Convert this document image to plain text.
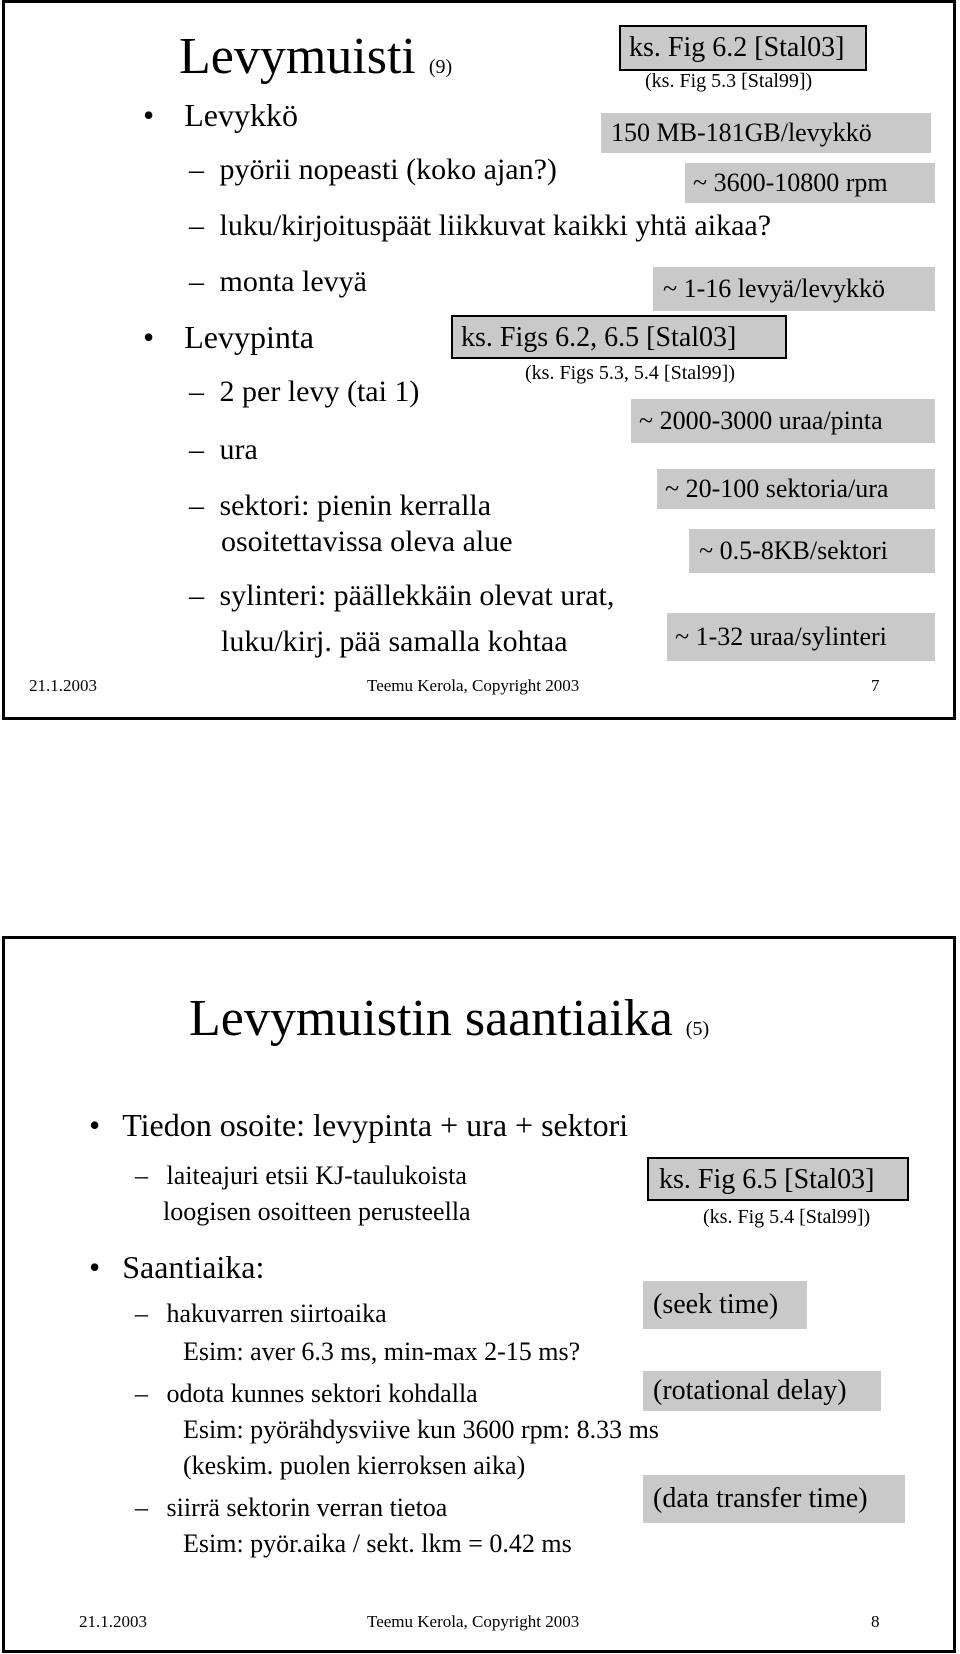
Levymuisti (9)
ks. Fig 6.2 [Stal03]
(ks. Fig 5.3 [Stal99])
• Levykkö	150 MB-181GB/levykkö
– pyörii nopeasti (koko ajan?)	~ 3600-10800 rpm
– luku/kirjoituspäät liikkuvat kaikki yhtä aikaa?
– monta levyä	~ 1-16 levyä/levykkö
• Levypinta	ks. Figs 6.2, 6.5 [Stal03]
(ks. Figs 5.3, 5.4 [Stal99])
– 2 per levy (tai 1)
~ 2000-3000 uraa/pinta
– ura
~ 20-100 sektoria/ura
– sektori: pienin kerralla
osoitettavissa oleva alue	~ 0.5-8KB/sektori
– sylinteri: päällekkäin olevat urat,
luku/kirj. pää samalla kohtaa	~ 1-32 uraa/sylinteri
21.1.2003	Teemu Kerola, Copyright 2003	7
Levymuistin saantiaika (5)
• Tiedon osoite: levypinta + ura + sektori
– laiteajuri etsii KJ-taulukoista
loogisen osoitteen perusteella
ks. Fig 6.5 [Stal03]
(ks. Fig 5.4 [Stal99])
• Saantiaika:
– hakuvarren siirtoaika	(seek time)
Esim: aver 6.3 ms, min-max 2-15 ms?
– odota kunnes sektori kohdalla	(rotational delay)
Esim: pyörähdysviive kun 3600 rpm: 8.33 ms
(keskim. puolen kierroksen aika)
– siirrä sektorin verran tietoa	(data transfer time)
Esim: pyör.aika / sekt. lkm = 0.42 ms
21.1.2003	Teemu Kerola, Copyright 2003	8
